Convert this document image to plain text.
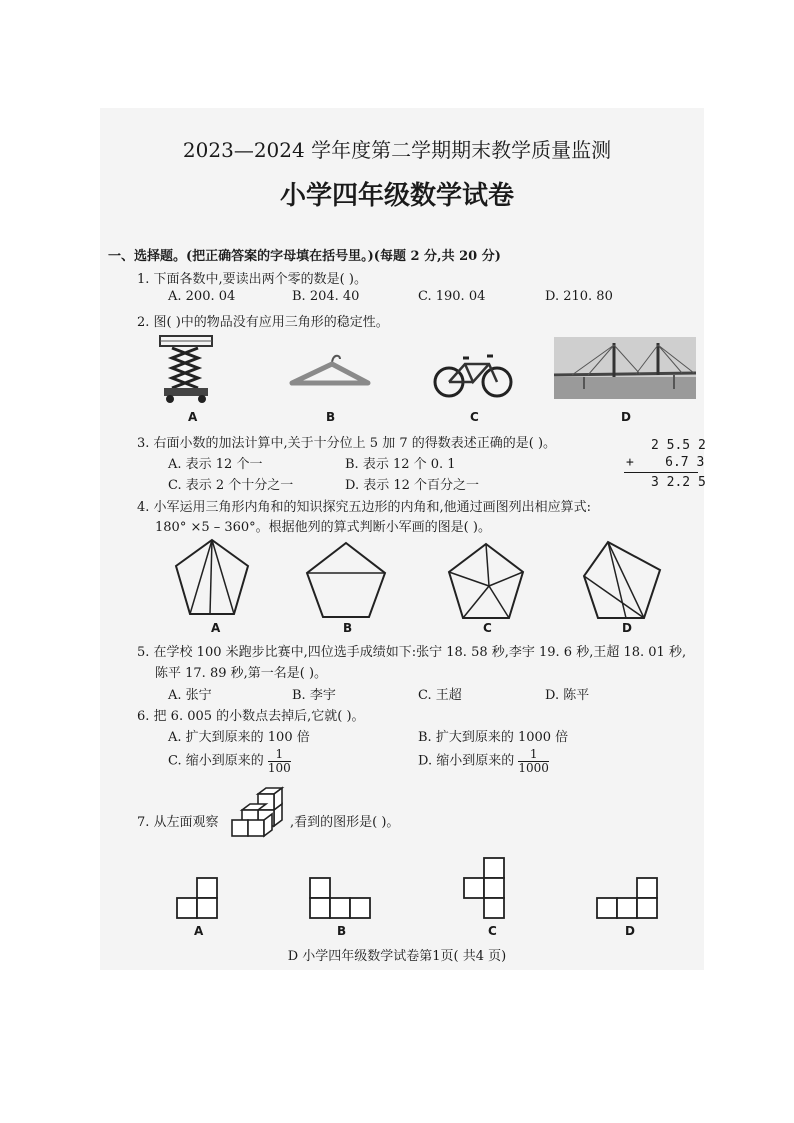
2023—2024 学年度第二学期期末教学质量监测
小学四年级数学试卷
一、选择题。(把正确答案的字母填在括号里。)(每题 2 分,共 20 分)
1. 下面各数中,要读出两个零的数是( )。
A. 200. 04	B. 204. 40	C. 190. 04	D. 210. 80
2. 图( )中的物品没有应用三角形的稳定性。
A	B	C	D
3. 右面小数的加法计算中,关于十分位上 5 加 7 的得数表述正确的是( )。
A. 表示 12 个一	B. 表示 12 个 0. 1
C. 表示 2 个十分之一	D. 表示 12 个百分之一
2 5.5 2
+    6.7 3
3 2.2 5
4. 小军运用三角形内角和的知识探究五边形的内角和,他通过画图列出相应算式:
180° ×5 – 360°。根据他列的算式判断小军画的图是( )。
A	B	C	D
5. 在学校 100 米跑步比赛中,四位选手成绩如下:张宁 18. 58 秒,李宇 19. 6 秒,王超 18. 01 秒,
陈平 17. 89 秒,第一名是( )。
A. 张宁	B. 李宇	C. 王超	D. 陈平
6. 把 6. 005 的小数点去掉后,它就( )。
A. 扩大到原来的 100 倍	B. 扩大到原来的 1000 倍
C. 缩小到原来的 $\frac{1}{100}$	D. 缩小到原来的 $\frac{1}{1000}$
7. 从左面观察	,看到的图形是( )。
A	B	C	D
D 小学四年级数学试卷第1页( 共4 页)
